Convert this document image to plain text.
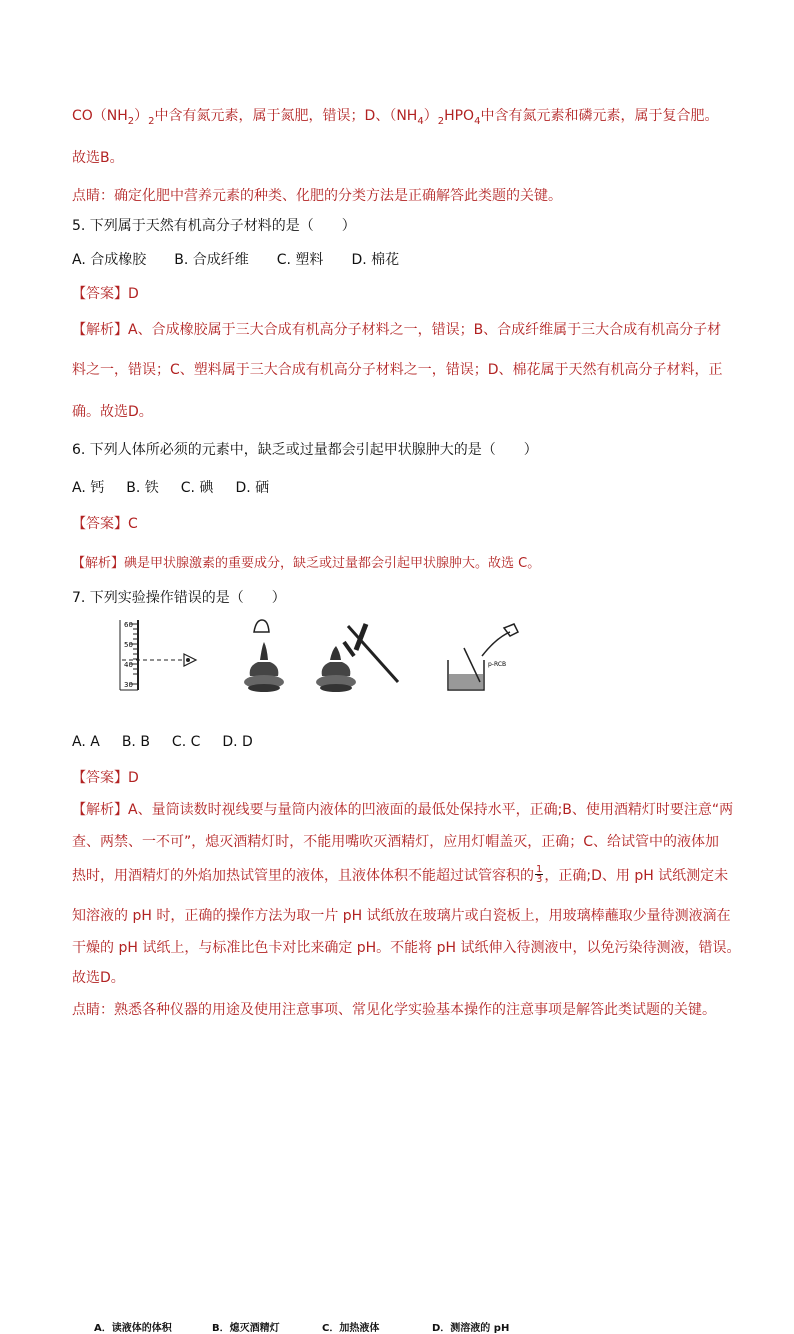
$CO(NH_2)_2$中含有氮元素，属于氮肥，错误；D、$(NH_4)_2HPO_4$中含有氮元素和磷元素，属于复合肥。
故选B。
点睛：确定化肥中营养元素的种类、化肥的分类方法是正确解答此类题的关键。
5. 下列属于天然有机高分子材料的是（　　）
A. 合成橡胶 B. 合成纤维 C. 塑料 D. 棉花
【答案】D
【解析】A、合成橡胶属于三大合成有机高分子材料之一，错误；B、合成纤维属于三大合成有机高分子材
料之一，错误；C、塑料属于三大合成有机高分子材料之一，错误；D、棉花属于天然有机高分子材料，正
确。故选D。
6. 下列人体所必须的元素中，缺乏或过量都会引起甲状腺肿大的是（　　）
A. 钙 B. 铁 C. 碘 D. 硒
【答案】C
【解析】碘是甲状腺激素的重要成分，缺乏或过量都会引起甲状腺肿大。故选 C。
7. 下列实验操作错误的是（　　）
60
50
40
30
p-RCB
A．读液体的体积	B．熄灭酒精灯	C．加热液体	D．测溶液的 pH
A. A B. B C. C D. D
【答案】D
【解析】A、量筒读数时视线要与量筒内液体的凹液面的最低处保持水平，正确;B、使用酒精灯时要注意“两
查、两禁、一不可”，熄灭酒精灯时，不能用嘴吹灭酒精灯，应用灯帽盖灭，正确；C、给试管中的液体加
热时，用酒精灯的外焰加热试管里的液体，且液体体积不能超过试管容积的 $\frac{1}{3}$ ，正确;D、用 pH 试纸测定未
知溶液的 pH 时，正确的操作方法为取一片 pH 试纸放在玻璃片或白瓷板上，用玻璃棒蘸取少量待测液滴在
干燥的 pH 试纸上，与标准比色卡对比来确定 pH。不能将 pH 试纸伸入待测液中，以免污染待测液，错误。
故选D。
点睛：熟悉各种仪器的用途及使用注意事项、常见化学实验基本操作的注意事项是解答此类试题的关键。
